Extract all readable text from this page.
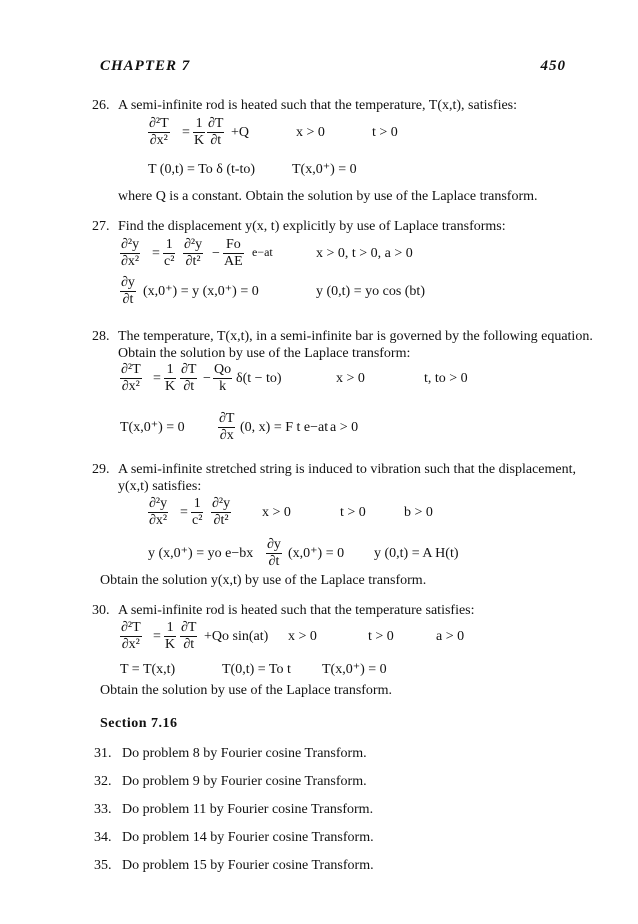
CHAPTER 7	450
26. A semi-infinite rod is heated such that the temperature, T(x,t), satisfies:
∂²T
∂x²
=
1
K
∂T
∂t
+Q	x > 0	t > 0
T (0,t) = To δ (t-to)	T(x,0⁺) = 0
where Q is a constant. Obtain the solution by use of the Laplace transform.
27. Find the displacement y(x, t) explicitly by use of Laplace transforms:
∂²y
∂x²
=
1
c²
∂²y
∂t²
−
Fo
AE
e−at	x > 0, t > 0, a > 0
∂y
∂t
(x,0⁺) = y (x,0⁺) = 0	y (0,t) = yo cos (bt)
28. The temperature, T(x,t), in a semi-infinite bar is governed by the following equation.
Obtain the solution by use of the Laplace transform:
∂²T
∂x²
=
1
K
∂T
∂t
−
Qo
k
δ(t − to)	x > 0	t, to > 0
T(x,0⁺) = 0
∂T
∂x
(0, x) = F t e−at a > 0
29. A semi-infinite stretched string is induced to vibration such that the displacement,
y(x,t) satisfies:
∂²y
∂x²
=
1
c²
∂²y
∂t²
x > 0	t > 0	b > 0
y (x,0⁺) = yo e−bx
∂y
∂t
(x,0⁺) = 0 y (0,t) = A H(t)
Obtain the solution y(x,t) by use of the Laplace transform.
30. A semi-infinite rod is heated such that the temperature satisfies:
∂²T
∂x²
=
1
K
∂T
∂t
+Qo sin(at) x > 0	t > 0	a > 0
T = T(x,t)	T(0,t) = To t T(x,0⁺) = 0
Obtain the solution by use of the Laplace transform.
Section 7.16
31. Do problem 8 by Fourier cosine Transform.
32. Do problem 9 by Fourier cosine Transform.
33. Do problem 11 by Fourier cosine Transform.
34. Do problem 14 by Fourier cosine Transform.
35. Do problem 15 by Fourier cosine Transform.
